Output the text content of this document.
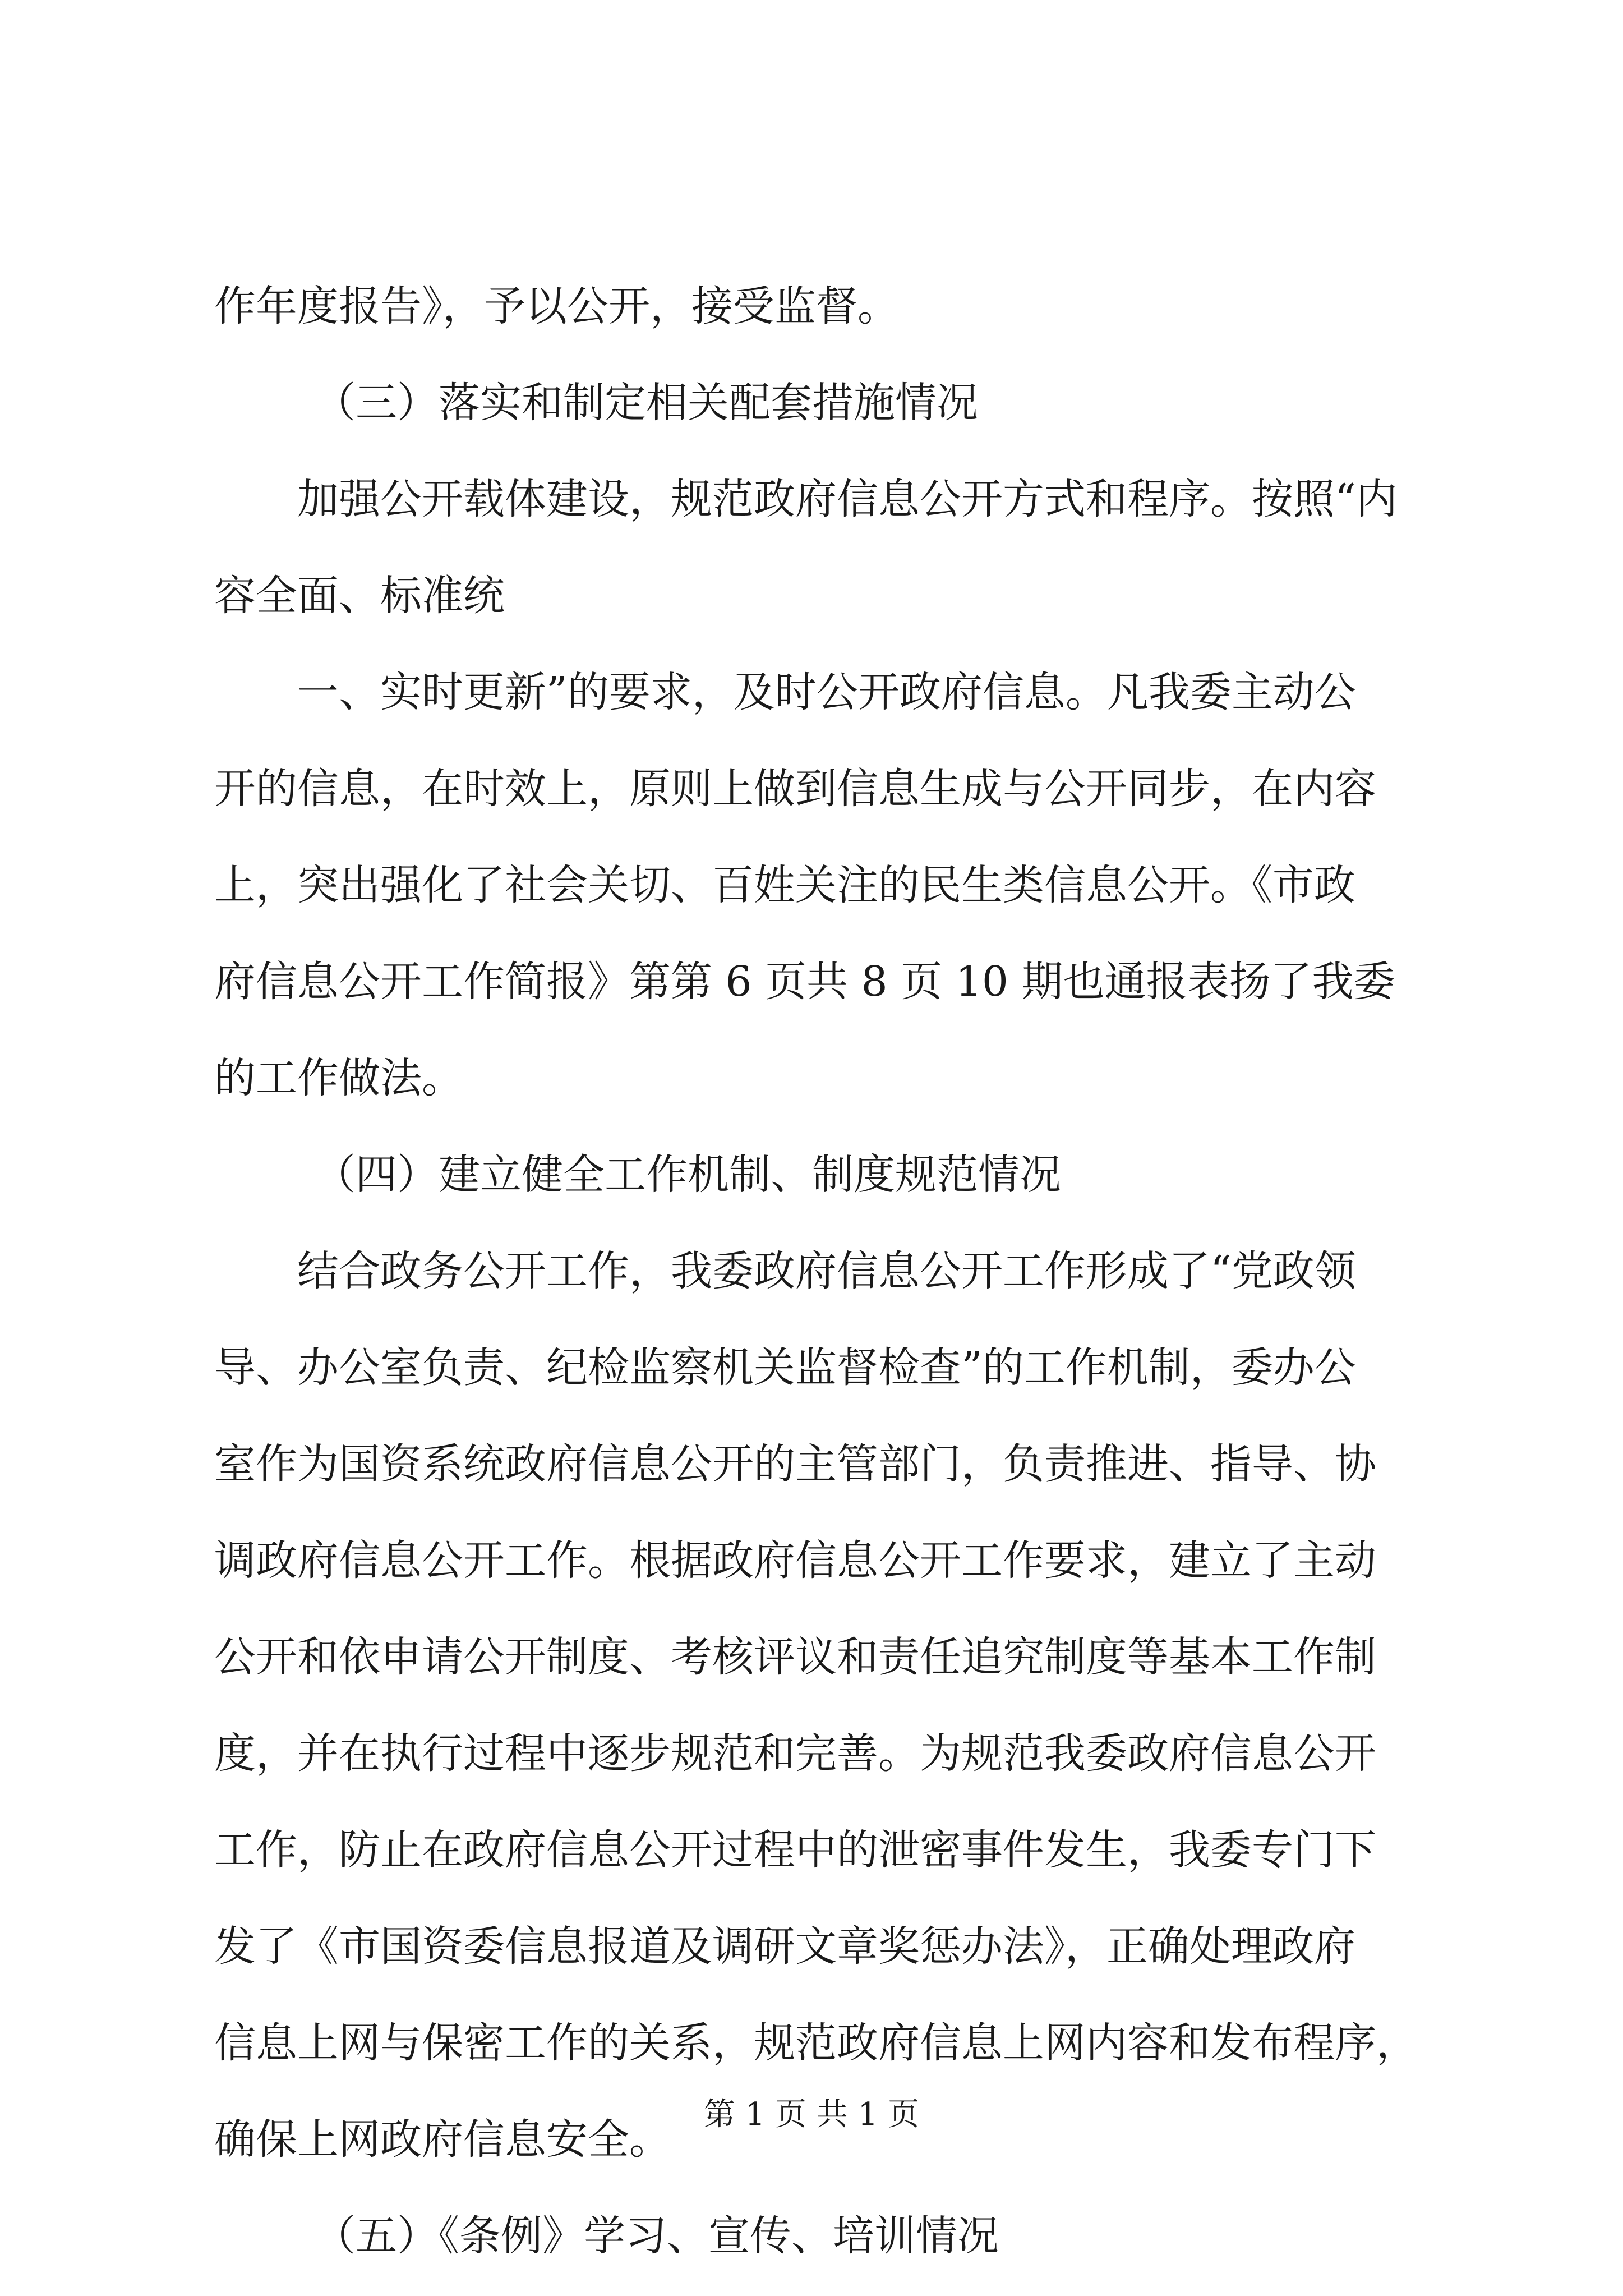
作年度报告》，予以公开，接受监督。
（三）落实和制定相关配套措施情况
加强公开载体建设，规范政府信息公开方式和程序。按照“内
容全面、标准统
一、实时更新”的要求，及时公开政府信息。凡我委主动公
开的信息，在时效上，原则上做到信息生成与公开同步，在内容
上，突出强化了社会关切、百姓关注的民生类信息公开。《市政
府信息公开工作简报》第第 6 页共 8 页 10 期也通报表扬了我委
的工作做法。
（四）建立健全工作机制、制度规范情况
结合政务公开工作，我委政府信息公开工作形成了“党政领
导、办公室负责、纪检监察机关监督检查”的工作机制，委办公
室作为国资系统政府信息公开的主管部门，负责推进、指导、协
调政府信息公开工作。根据政府信息公开工作要求，建立了主动
公开和依申请公开制度、考核评议和责任追究制度等基本工作制
度，并在执行过程中逐步规范和完善。为规范我委政府信息公开
工作，防止在政府信息公开过程中的泄密事件发生，我委专门下
发了《市国资委信息报道及调研文章奖惩办法》，正确处理政府
信息上网与保密工作的关系，规范政府信息上网内容和发布程序，
确保上网政府信息安全。
（五）《条例》学习、宣传、培训情况
第 1 页 共 1 页
